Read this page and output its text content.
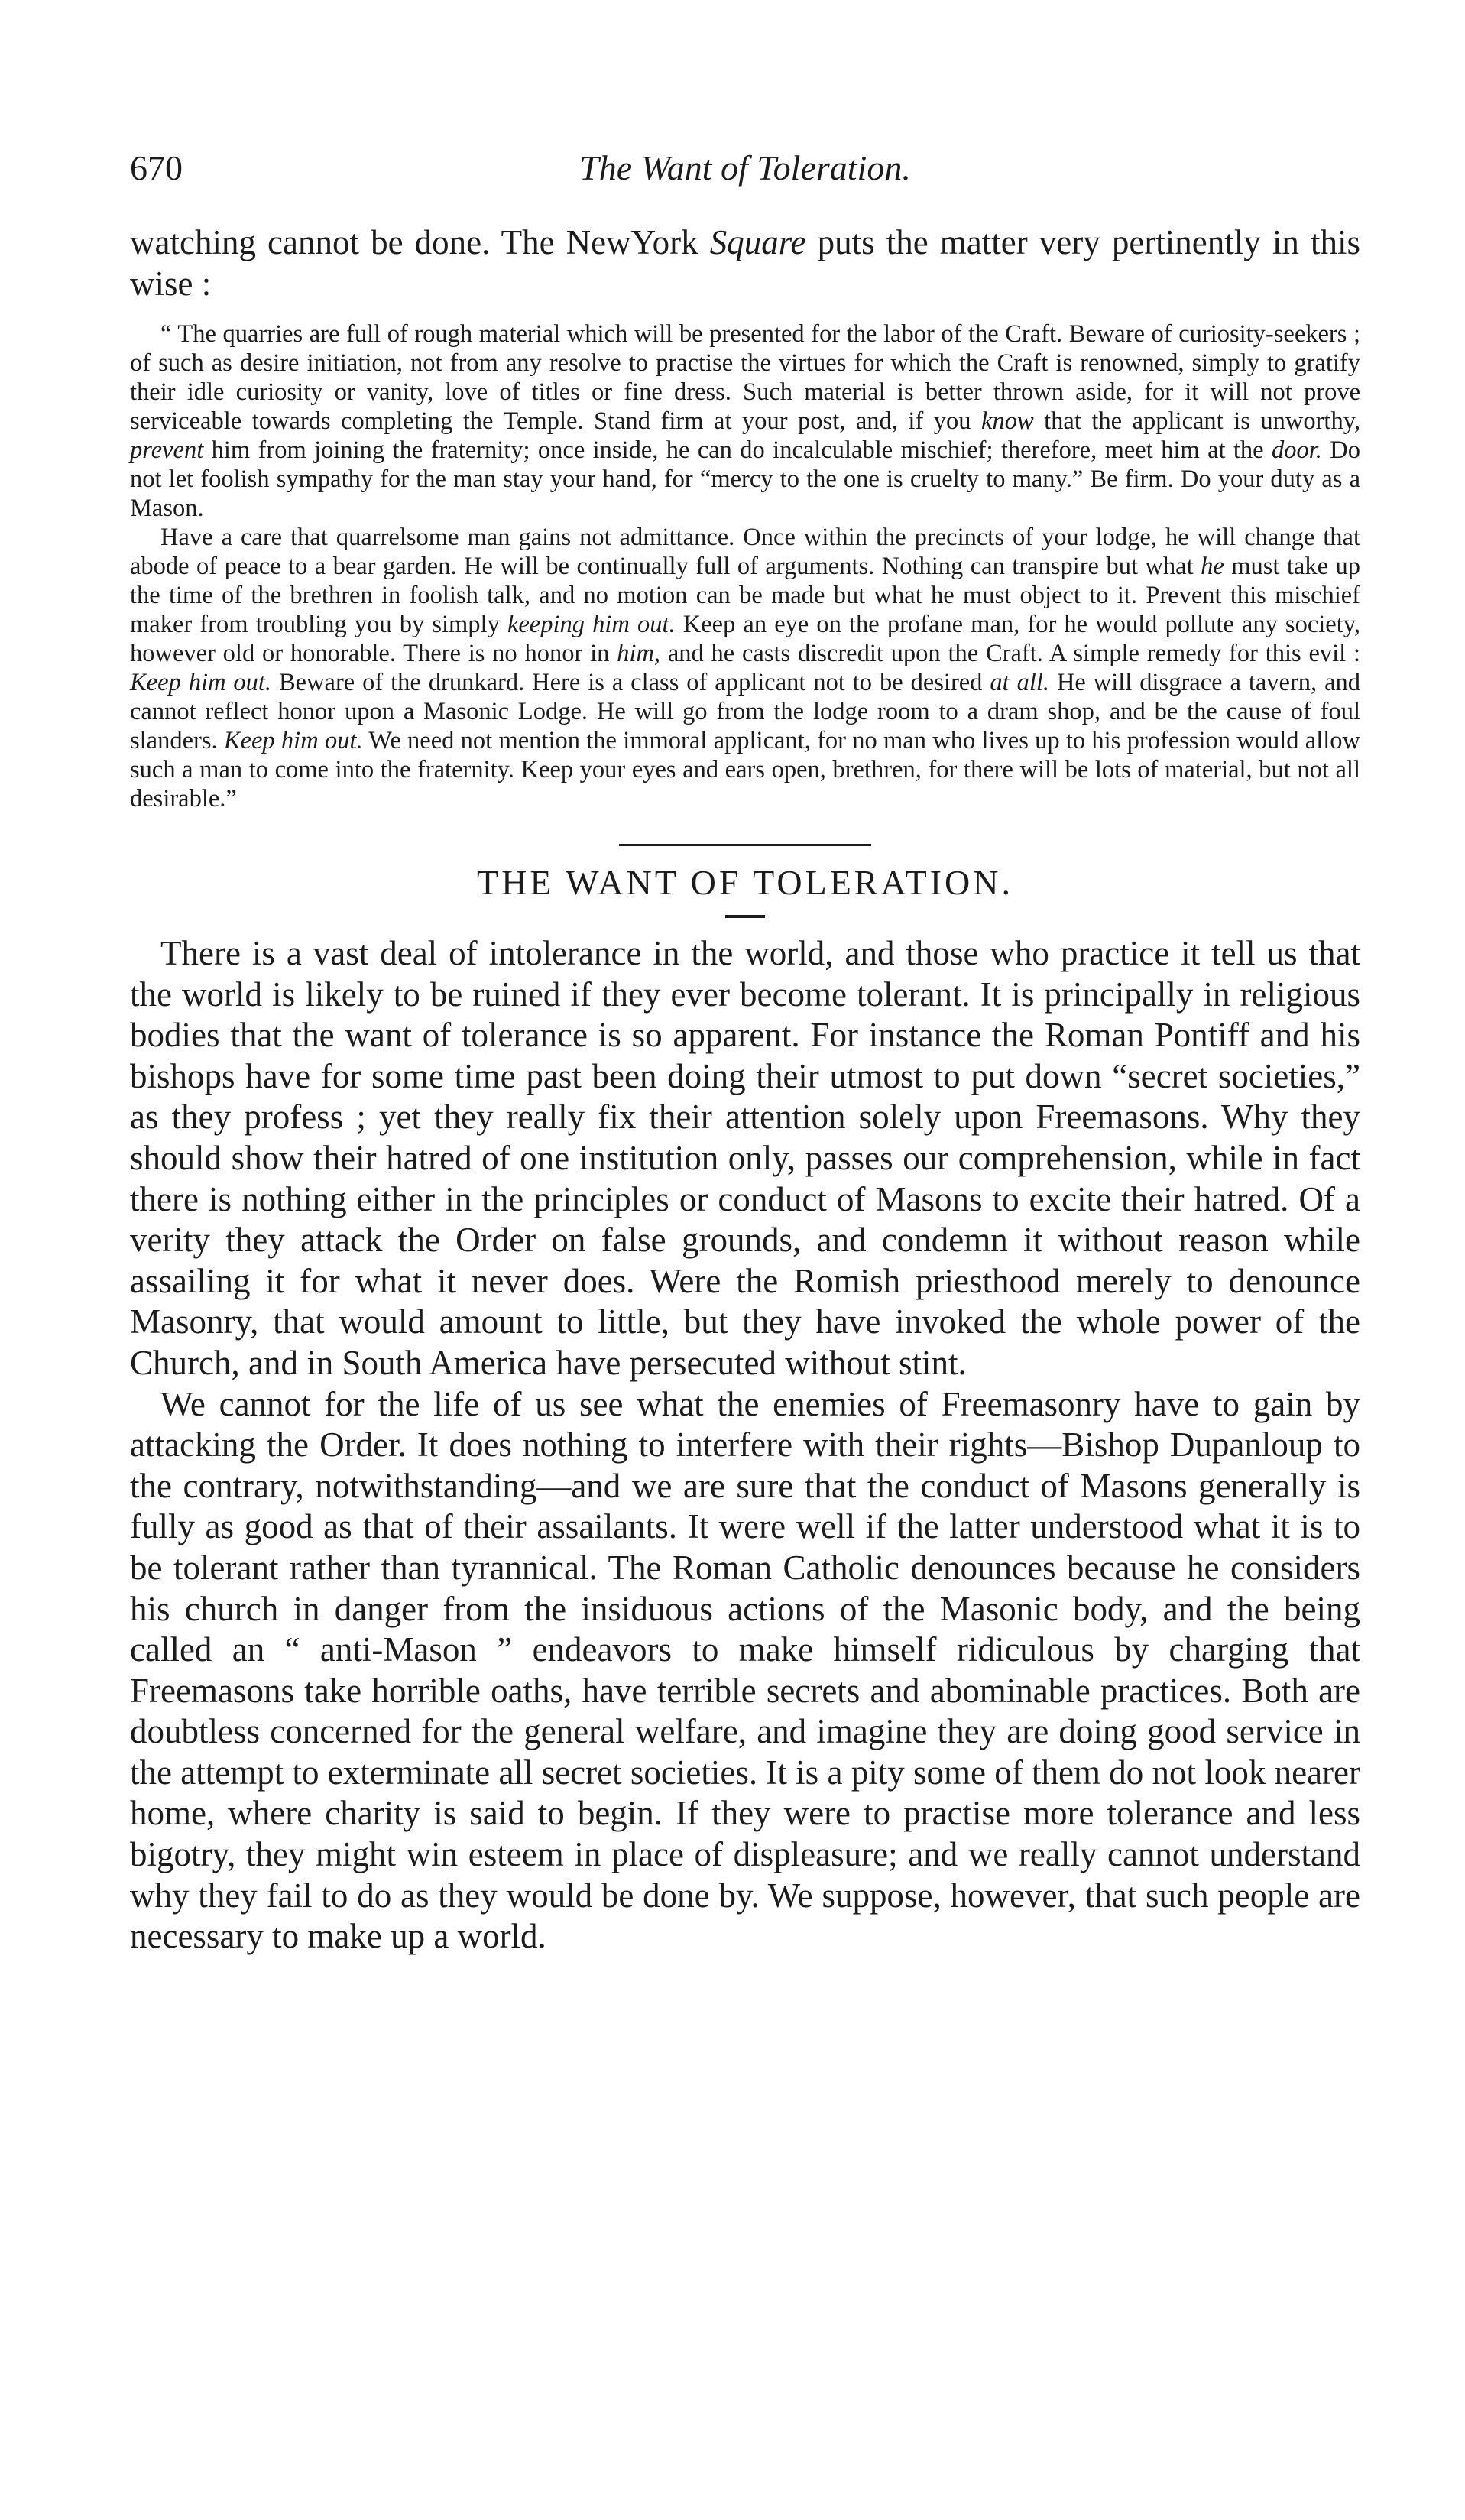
670	The Want of Toleration.
watching cannot be done. The NewYork Square puts the matter very pertinently in this wise :

“ The quarries are full of rough material which will be presented for the labor of the Craft. Beware of curiosity-seekers ; of such as desire initiation, not from any resolve to practise the virtues for which the Craft is renowned, simply to gratify their idle curiosity or vanity, love of titles or fine dress. Such material is better thrown aside, for it will not prove serviceable towards completing the Temple. Stand firm at your post, and, if you know that the applicant is unworthy, prevent him from joining the fraternity; once inside, he can do incalculable mischief; therefore, meet him at the door. Do not let foolish sympathy for the man stay your hand, for “mercy to the one is cruelty to many.” Be firm. Do your duty as a Mason.

Have a care that quarrelsome man gains not admittance. Once within the precincts of your lodge, he will change that abode of peace to a bear garden. He will be continually full of arguments. Nothing can transpire but what he must take up the time of the brethren in foolish talk, and no motion can be made but what he must object to it. Prevent this mischief maker from troubling you by simply keeping him out. Keep an eye on the profane man, for he would pollute any society, however old or honorable. There is no honor in him, and he casts discredit upon the Craft. A simple remedy for this evil : Keep him out. Beware of the drunkard. Here is a class of applicant not to be desired at all. He will disgrace a tavern, and cannot reflect honor upon a Masonic Lodge. He will go from the lodge room to a dram shop, and be the cause of foul slanders. Keep him out. We need not mention the immoral applicant, for no man who lives up to his profession would allow such a man to come into the fraternity. Keep your eyes and ears open, brethren, for there will be lots of material, but not all desirable.”

THE WANT OF TOLERATION.

There is a vast deal of intolerance in the world, and those who practice it tell us that the world is likely to be ruined if they ever become tolerant. It is principally in religious bodies that the want of tolerance is so apparent. For instance the Roman Pontiff and his bishops have for some time past been doing their utmost to put down “secret societies,” as they profess ; yet they really fix their attention solely upon Freemasons. Why they should show their hatred of one institution only, passes our comprehension, while in fact there is nothing either in the principles or conduct of Masons to excite their hatred. Of a verity they attack the Order on false grounds, and condemn it without reason while assailing it for what it never does. Were the Romish priesthood merely to denounce Masonry, that would amount to little, but they have invoked the whole power of the Church, and in South America have persecuted without stint.

We cannot for the life of us see what the enemies of Freemasonry have to gain by attacking the Order. It does nothing to interfere with their rights—Bishop Dupanloup to the contrary, notwithstanding—and we are sure that the conduct of Masons generally is fully as good as that of their assailants. It were well if the latter understood what it is to be tolerant rather than tyrannical. The Roman Catholic denounces because he considers his church in danger from the insiduous actions of the Masonic body, and the being called an “ anti-Mason ” endeavors to make himself ridiculous by charging that Freemasons take horrible oaths, have terrible secrets and abominable practices. Both are doubtless concerned for the general welfare, and imagine they are doing good service in the attempt to exterminate all secret societies. It is a pity some of them do not look nearer home, where charity is said to begin. If they were to practise more tolerance and less bigotry, they might win esteem in place of displeasure; and we really cannot understand why they fail to do as they would be done by. We suppose, however, that such people are necessary to make up a world.
